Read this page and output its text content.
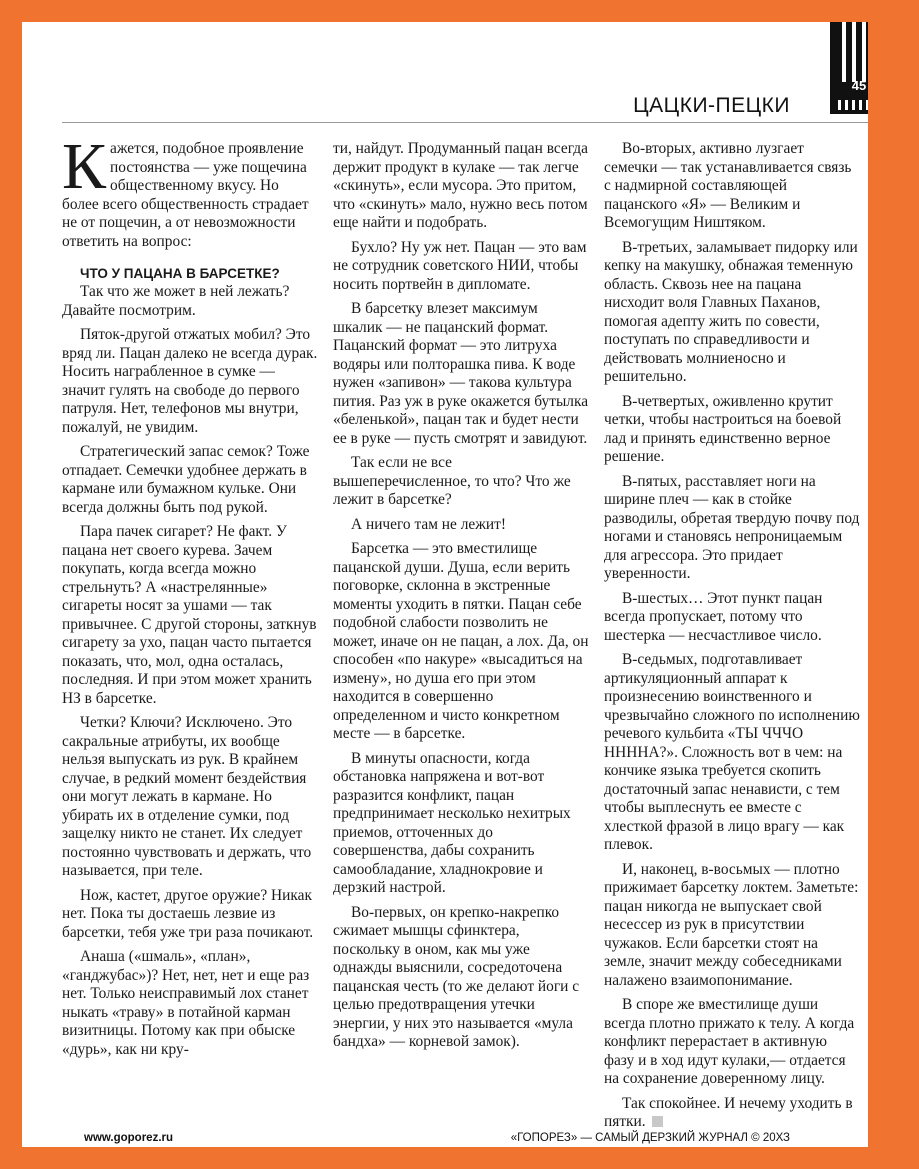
45
ЦАЦКИ-ПЕЦКИ

Кажется, подобное проявление постоянства — уже пощечина общественному вкусу. Но более всего общественность страдает не от пощечин, а от невозможности ответить на вопрос:

ЧТО У ПАЦАНА В БАРСЕТКЕ?

Так что же может в ней лежать? Давайте посмотрим.

Пяток-другой отжатых мобил? Это вряд ли. Пацан далеко не всегда дурак. Носить награбленное в сумке — значит гулять на свободе до первого патруля. Нет, телефонов мы внутри, пожалуй, не увидим.

Стратегический запас семок? Тоже отпадает. Семечки удобнее держать в кармане или бумажном кульке. Они всегда должны быть под рукой.

Пара пачек сигарет? Не факт. У пацана нет своего курева. Зачем покупать, когда всегда можно стрельнуть? А «настрелянные» сигареты носят за ушами — так привычнее. С другой стороны, заткнув сигарету за ухо, пацан часто пытается показать, что, мол, одна осталась, последняя. И при этом может хранить НЗ в барсетке.

Четки? Ключи? Исключено. Это сакральные атрибуты, их вообще нельзя выпускать из рук. В крайнем случае, в редкий момент бездействия они могут лежать в кармане. Но убирать их в отделение сумки, под защелку никто не станет. Их следует постоянно чувствовать и держать, что называется, при теле.

Нож, кастет, другое оружие? Никак нет. Пока ты достаешь лезвие из барсетки, тебя уже три раза почикают.

Анаша («шмаль», «план», «ганджубас»)? Нет, нет, нет и еще раз нет. Только неисправимый лох станет ныкать «траву» в потайной карман визитницы. Потому как при обыске «дурь», как ни кру-

ти, найдут. Продуманный пацан всегда держит продукт в кулаке — так легче «скинуть», если мусора. Это притом, что «скинуть» мало, нужно весь потом еще найти и подобрать.

Бухло? Ну уж нет. Пацан — это вам не сотрудник советского НИИ, чтобы носить портвейн в дипломате.

В барсетку влезет максимум шкалик — не пацанский формат. Пацанский формат — это литруха водяры или полторашка пива. К воде нужен «запивон» — такова культура пития. Раз уж в руке окажется бутылка «беленькой», пацан так и будет нести ее в руке — пусть смотрят и завидуют.

Так если не все вышеперечисленное, то что? Что же лежит в барсетке?

А ничего там не лежит!

Барсетка — это вместилище пацанской души. Душа, если верить поговорке, склонна в экстренные моменты уходить в пятки. Пацан себе подобной слабости позволить не может, иначе он не пацан, а лох. Да, он способен «по накуре» «высадиться на измену», но душа его при этом находится в совершенно определенном и чисто конкретном месте — в барсетке.

В минуты опасности, когда обстановка напряжена и вот-вот разразится конфликт, пацан предпринимает несколько нехитрых приемов, отточенных до совершенства, дабы сохранить самообладание, хладнокровие и дерзкий настрой.

Во-первых, он крепко-накрепко сжимает мышцы сфинктера, поскольку в оном, как мы уже однажды выяснили, сосредоточена пацанская честь (то же делают йоги с целью предотвращения утечки энергии, у них это называется «мула бандха» — корневой замок).

Во-вторых, активно лузгает семечки — так устанавливается связь с надмирной составляющей пацанского «Я» — Великим и Всемогущим Ништяком.

В-третьих, заламывает пидорку или кепку на макушку, обнажая теменную область. Сквозь нее на пацана нисходит воля Главных Паханов, помогая адепту жить по совести, поступать по справедливости и действовать молниеносно и решительно.

В-четвертых, оживленно крутит четки, чтобы настроиться на боевой лад и принять единственно верное решение.

В-пятых, расставляет ноги на ширине плеч — как в стойке разводилы, обретая твердую почву под ногами и становясь непроницаемым для агрессора. Это придает уверенности.

В-шестых… Этот пункт пацан всегда пропускает, потому что шестерка — несчастливое число.

В-седьмых, подготавливает артикуляционный аппарат к произнесению воинственного и чрезвычайно сложного по исполнению речевого кульбита «ТЫ ЧЧЧО ННННА?». Сложность вот в чем: на кончике языка требуется скопить достаточный запас ненависти, с тем чтобы выплеснуть ее вместе с хлесткой фразой в лицо врагу — как плевок.

И, наконец, в-восьмых — плотно прижимает барсетку локтем. Заметьте: пацан никогда не выпускает свой несессер из рук в присутствии чужаков. Если барсетки стоят на земле, значит между собеседниками налажено взаимопонимание.

В споре же вместилище души всегда плотно прижато к телу. А когда конфликт перерастает в активную фазу и в ход идут кулаки,— отдается на сохранение доверенному лицу.

Так спокойнее. И нечему уходить в пятки.

www.goporez.ru	«ГОПОРЕЗ» — САМЫЙ ДЕРЗКИЙ ЖУРНАЛ © 20ХЗ
